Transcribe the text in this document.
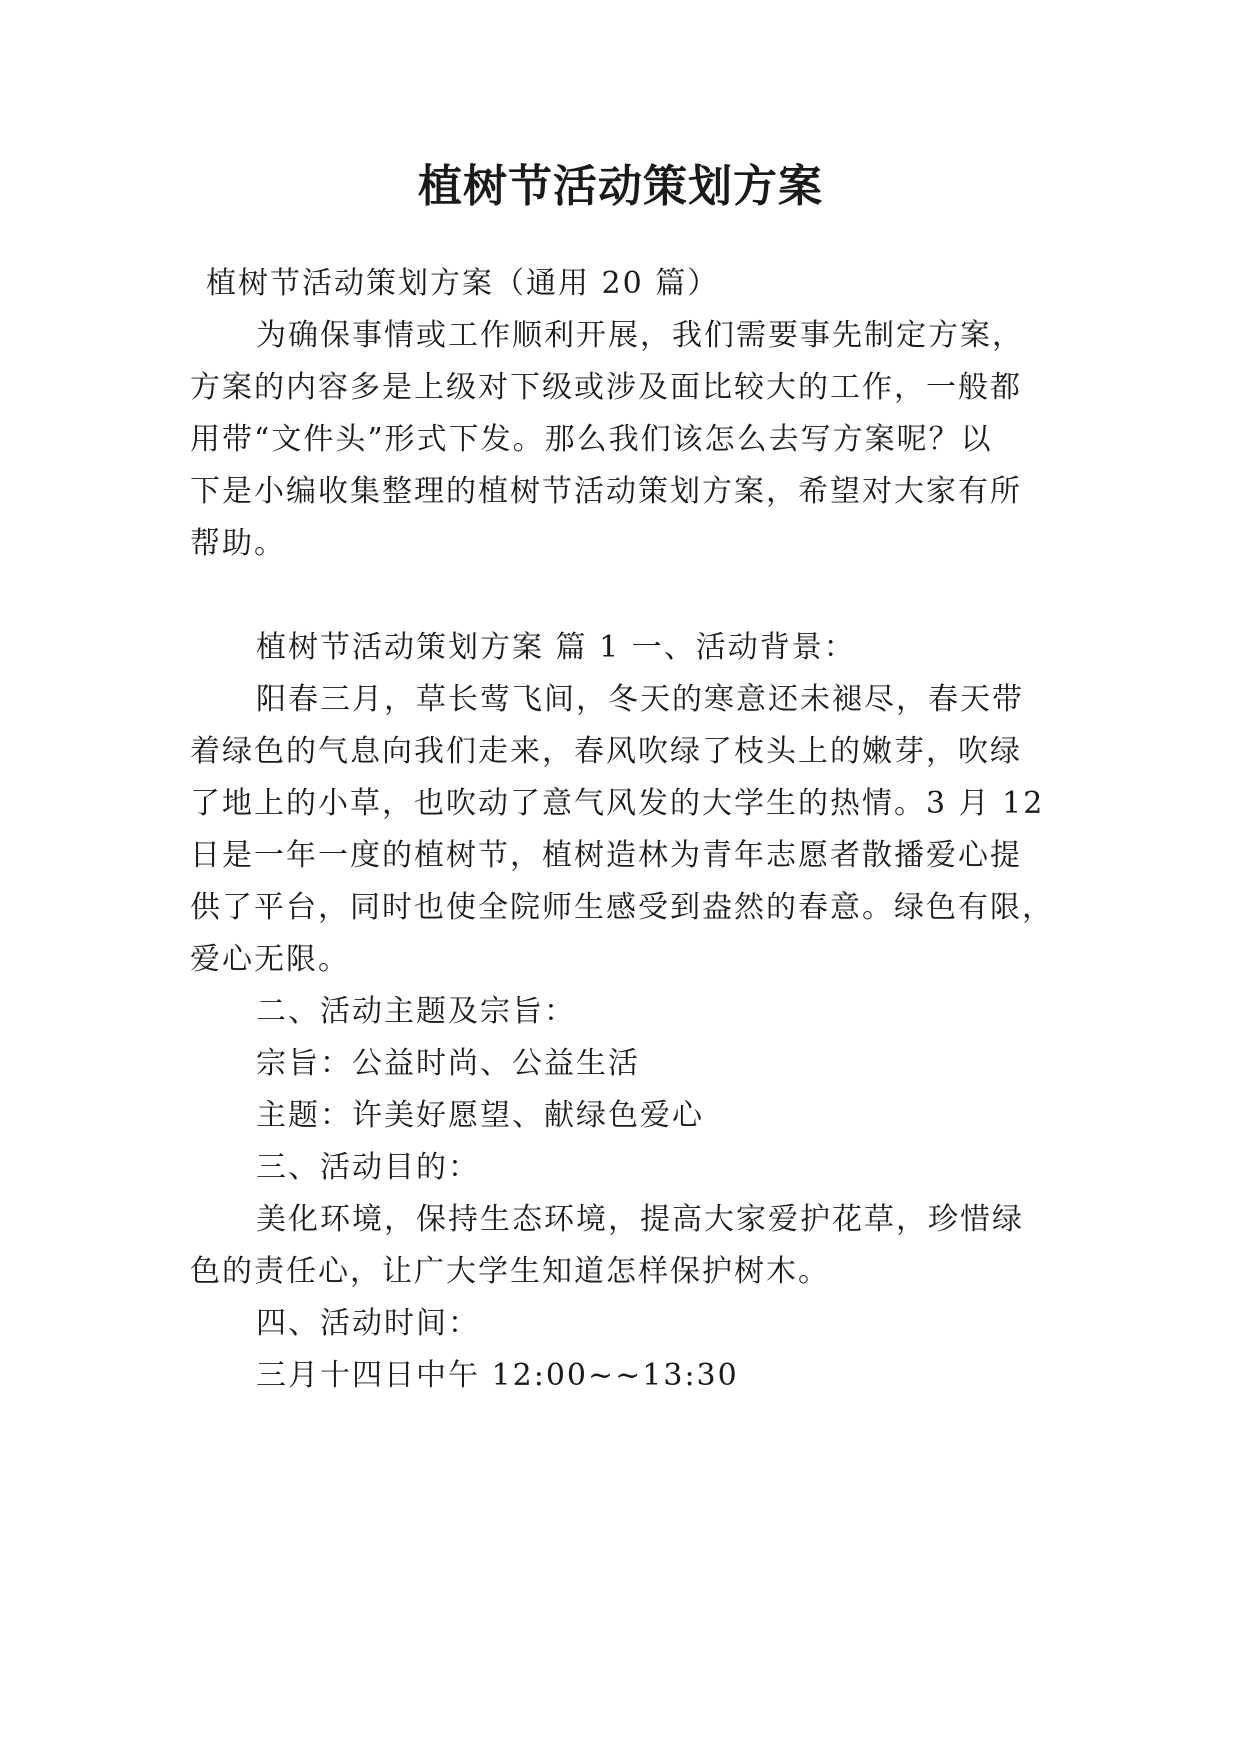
植树节活动策划方案
植树节活动策划方案（通用 20 篇）
为确保事情或工作顺利开展，我们需要事先制定方案，
方案的内容多是上级对下级或涉及面比较大的工作，一般都
用带“文件头”形式下发。那么我们该怎么去写方案呢？以
下是小编收集整理的植树节活动策划方案，希望对大家有所
帮助。
植树节活动策划方案 篇 1 一、活动背景：
阳春三月，草长莺飞间，冬天的寒意还未褪尽，春天带
着绿色的气息向我们走来，春风吹绿了枝头上的嫩芽，吹绿
了地上的小草，也吹动了意气风发的大学生的热情。3 月 12
日是一年一度的植树节，植树造林为青年志愿者散播爱心提
供了平台，同时也使全院师生感受到盎然的春意。绿色有限，
爱心无限。
二、活动主题及宗旨：
宗旨：公益时尚、公益生活
主题：许美好愿望、献绿色爱心
三、活动目的：
美化环境，保持生态环境，提高大家爱护花草，珍惜绿
色的责任心，让广大学生知道怎样保护树木。
四、活动时间：
三月十四日中午 12:00~~13:30
